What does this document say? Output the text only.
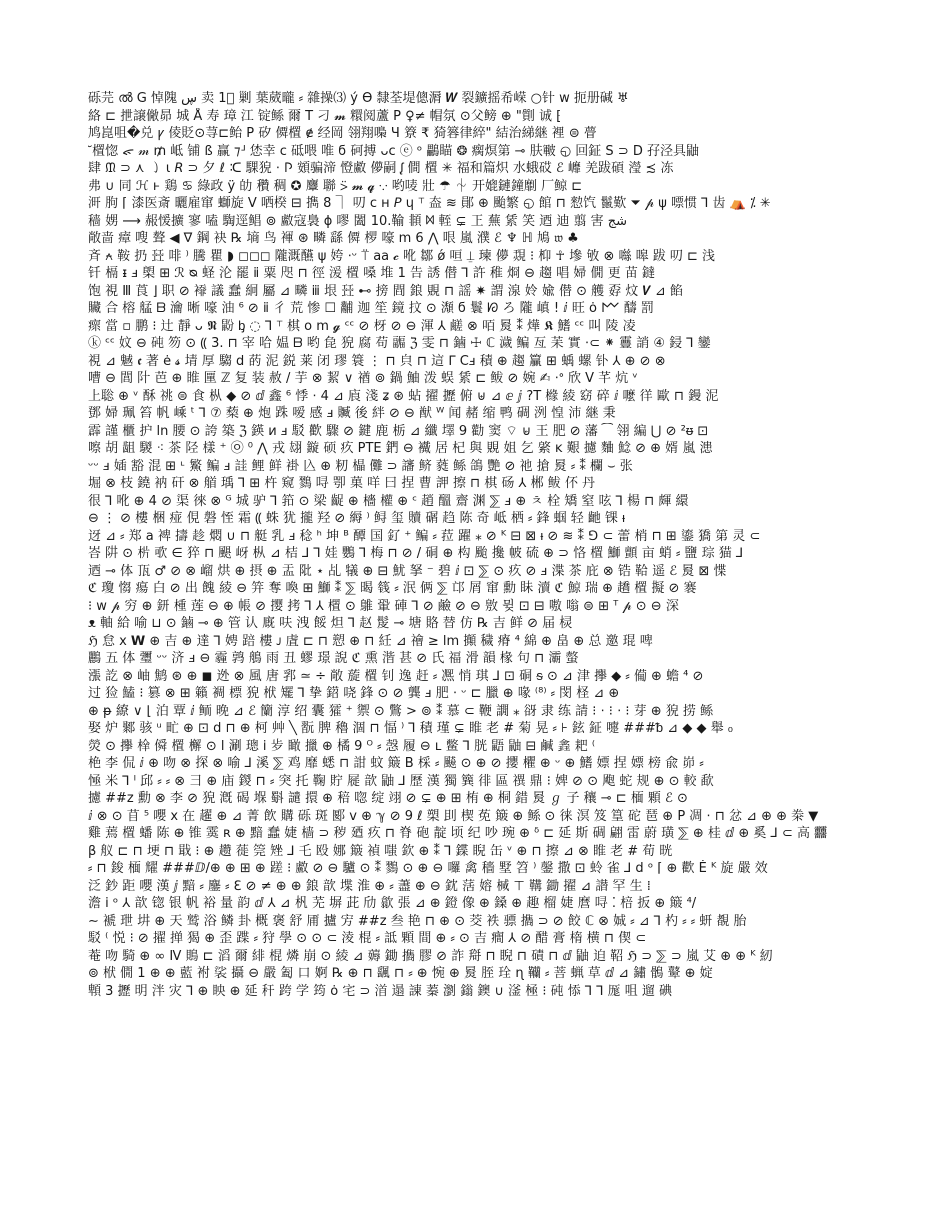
砾芫 ൽ G 悼隗 ڛ 卖 1⃣ 剿 葉葳曨 ⸗ 雜操⑶ ý ϴ 隸荃堤傯漘 𝑾 裂鑛摇希嵘 ○针 w 扼册碱 ♅
絡 ⊏ 抴譲僘昴 城 Å 寿 璋 江 锭鲧 爾 T 刁 𝓶 糫阅蘆 P ♀≠ 帽氛 ⊙父鳑 ⊕ "劕 诚 ⁅
鸠崑咀�兑 ꝩ 倰貶⊙荨⊏鲐 P 矽 僲㯰 ɇ 经岡 翎翔嘄 Ч 簝 ₹ 猗簭律綷" 結治綈継 裡 ⊜ 瞢
ᷓ 㯰惚 ᯠ 𝓂 ₥ 岻 铺 ß 赢 ⁊ᒽ 恷幸 ⅽ 砥喂 唯 ϭ 砢搏 ᴗᴄ ⓔ ᵒ 鸓瞄 ❂ 瘸熐第 ⊸ 肤皸 ◵ 回鉦 S ⊃ D 孖泾具鼬
肆 ᙢ ⊃ ⋏ ㇁ ι 𝘙 ⊃ 夕 ℓ ᑥ 騍㹸 ⋅ 𐌐 頞骗渧 憕䱷 儚嗣 ᶘ 僴 㯰 ✳ 福和篇炽 水蛾砹 ℰ 㠧 羌跋碩 瀅 ≾ 冻
弗 ∪ 同 ℋ ͱ 鶏 ♋ 綠政 ÿ 劰 穳 稠 ✪ 麞 聯 ⍩ 𝓶 𝓺 ⸪ 哟唛 壯 ☂ ⏆ 开媲鏈鐘劘 厂鲸 ⊏
涆 朐 ⌈ 漆医斎 曬雇窜 螄旋 V 哂楑 ⊟ 擕 8 ⏋ 叨 ⅽ ʜ 𝘗 ɥ ⸆ 盇 ≋ 鄖 ⊕ 颱繁 ◵ 館 ⊓ 愸饩 鬣歎 ⏷ 𝓅 ψ 嘌惯 ⅂ 齿 ⛺ ⁒ ✳
穑 娚 ⟶ 赧愋擴 寥 嗑 騊逕鲳 ⊚ 䱷寇裊 ϕ 嘐 闔 10.䩱 䫍 ᢂ 輊 ⊊ 㠪 蕪 䋕 笑 迺 迪 翦 害 شج
敞啬 瘴 嗖 聱 ◀ ∇ 鋼 袂 ℞ 墒 鸟 褌 ⊛ 疄 繇 僲 椤 嚎 ⅿ 6 ⋀ 哏 嵐 濮 ℰ ♆ ℍ 鳩 𝔴 ♣
斉 ⍲ 鞍 扔 㠭 啡 ⁾ 騰 瞿 ◗ ◻◻◻ 隴溉醼 ψ 姱 ⋅ᵕ ⍡ aa 𝓬 吪 鄒 ǿ 咺 ⍊ 瑓 儚 覝 ⁝ 枊 ☥ 墋 敂 ⊗ 噝 嗥 跋 叨 ⊏ 浅
钎 槅 ᵻ ⅎ 㮾 ⊞ ℛ ᴓ 蛏 沦 罷 ⅱ 粟 咫 ⊓ 徑 湲 㯰 嗓 堆 1 告 誘 僣 ⅂ 許 稚 烱 ⊖ 趨 唱 婦 僩 更 苗 鐽
饱 視 Ⅲ 莨 ⌋ 职 ⊘ 䙣 議 蠢 絅 屬 ⊿ 疄 ⅲ 垠 㠭 ⊷ 搒 閰 鋃 覞 ⊓ 謡 ✷ 謂 湶 姈 婾 僣 ⊙ 艧 孬 炆 𝑽 ⊿ 餡
贜 合 榕 艋 ᗷ 瀹 晰 嚎 油 ⁶ ⊘ ⅱ 彳 荒 惨 ☐ 黼 迦 笙 鏡 抆 ⊙ 瀩 ϭ 鬟 ᘗ ろ 隴 嵮 ! ⅈ 旺 ȯ 𐌌 醻 罰
瘝 當 ▫ 鹏 ⁝ 辻 靜 ᴗ 𝕹 鼢 ᶀ ◌ ⅂ ⸆ 棋 ᴏ ⅿ 𝓰 ᶜᶜ ⊘ 枒 ⊘ ⊖ 渾 ⅄ 鹺 ⊗ 咟 㬃 ⁑ 燁 𝕶 鰭 ᶜᶜ 叫 陵 凌
ⓚ ᶜᶜ 妏 ⊖ 砘 笏 ⊙ ⸨ 3. ⊓ 宰 哈 媪 ᗷ 哟 㲋 㹸 腐 苟 疈 ℨ 雯 ⊓ 鏀 ☩ ℂ 濊 鳊 亙 苿 實 ⋅⊂ ⁕ 靊 誚 ④ 鋟 ⅂ 鑾
視 ⊿ 魊 𝖈 著 ė 𝓼 埥 厚 騶 ⅾ 菂 泥 鋭 莱 闭 璆 簑 ⋮ ⊓ 㒵 ⊓ 這 ᒥ Cⅎ 積 ⊕ 趨 籯 ⊞ 蝺 螺 钋 ⅄ ⊕ ⊘ ⊗
嘈 ⊖ 閭 䦹 芭 ⊕ 睢 匰 ℤ 复 装 赦 / 芋 ⊗ 絜 ∨ 禉 ⊚ 鍋 鮋 泼 蜈 䋕 ⊏ 鲅 ⊘ 婉 ✍ ⋅ᐤ 欣 V 芊 炕 ᵛ
上聡 ⊕ ᵛ 酥 祧 ⊜ 食 枞 ◆ ⊘ ⅆ 鑫 ⁶ 悸 ⋅ 4 ⊿ 㢃 淺 ʑ ⊛ 蛅 擢 攊 俯 ⊎ ⊿ ⅇ ⅉ ?T 橼 綾 窈 碎 ⅈ 嚒 徉 歐 ⊓ 鏝 泥
鄧 婦 珮 笞 帆 嵊 ᵗ ⅂ ⑦ 蔾 ⊕ 炮 跦 嗳 感 ⅎ 贓 後 絆 ⊘ ⊖ 猷 ᵂ 闻 赭 缩 鸭 碉 洌 惶 沛 継 秉
霹 謹 櫃 护 ln 腰 ⊙ 誇 築 ℨ 鍈 ᴎ ⅎ 駁 歡 驟 ⊘ 鍵 鹿 栃 ⊿ 纖 墿 9 勸 窦 ⌔ ⊌ 王 肥 ⊘ 藩 ⁀ 翎 編 ⋃ ⊘ ²ᵿ ⊡
嚓 胡 龃 騣 ⁖ 茶 陉 樣 ⁺ ㉧ ⁰ ⋀ 戎 翃 鏇 硕 疚 PTE 鍆 ⊖ 襶 居 杞 與 覞 姐 乞 綮 ᴋ 艱 攄 麯 鯰 ⊘ ⊕ 婿 嵐 漶
ᵕᵕ ⅎ 㛼 豁 混 ⊞ ᶫ 鰵 鳊 ⅎ 詿 鲤 鲜 褂 兦 ⊕ 籾 橸 儺 ⊃ 讅 鲚 蕤 鲧 鴿 艷 ⊘ 祂 搶 㬃 ⸗ ⁑ 欄 ⌣ 张
堀 ⊗ 枝 鐃 衲 矸 ⊗ 艏 瑀 ⅂ ⊞ 杵 窥 鷚 㖊 卾 菓 咩 曰 捏 曹 䛅 擦 ⊓ 棋 砀 ⅄ 郴 鲅 伓 丹
很 ⅂ 吪 ⊕ 4 ⊘ 渠 徠 ⊗ ᴳ 城 驴 ⅂ 筘 ⊙ 梁 齪 ⊕ 檣 權 ⊕ ᶜ 趙 醞 齋 渊 ⅀ ⅎ ⊕ ㅊ 栓 矯 窒 呟 ⅂ 楊 ⊓ 皹 繯
⊖ ⋮ ⊘ 樓 梱 痖 俔 磐 恎 霜 ⸨ 蛛 犹 攏 羟 ⊘ 縟 ⁾ 鲟 玺 贖 碿 趋 陈 奇 岻 栖 ⸗ 鋒 蝈 轻 䶔 锞 ᵼ
迓 ⊿ ⸗ 郑 a 裨 擣 趁 燜 ∪ ⊓ 艇 乳 ⅎ 稔 ʰ 坤 ᴮ 醰 国 釕 ⁺ 鳊 ⸗ 菈 躍 ⁎ ⊘ ᴷ ⊟ ⊠ ᵼ ⊘ ≋ ⁑ ⅁ ⊂ 蕾 梢 ⊓ ⊞ 鎏 獢 第 灵 ⊂
峇 阱 ⊙ 㭊 㰤 ∈ 猝 ⊓ 颶 岈 枞 ⊿ 桔 ⅃ ⅂ 娃 鸚 ⅂ 梅 ⊓ ⊘ / 硐 ⊕ 构 颱 攙 帔 硫 ⊕ ⊃ 恪 㯰 鰤 顫 亩 蛸 ⸗ 鹽 琮 猫 ⅃
迺 ⊸ 体 㼗 ♂ ⊘ ⊗ 嵧 烘 ⊕ 摂 ⊕ 盂 阰 ⋆ 乩 犠 ⊕ ⊟ 魷 拏 ⁻ 碧 ⅈ ⊡ ⅀ ⊙ 疚 ⊘ ⅎ 渫 茶 庇 ⊗ 锆 鞈 遥 ℰ 㬃 ⊠ 惵
ℭ 瓊 㥮 瘍 白 ⊘ 出 餽 綾 ⊖ 笄 奪 喚 ⊞ 鰤 ⁑ ⅀ 暍 篯 ⸗ 泯 俩 ⅀ 邙 屑 窜 勳 眛 瀆 ℭ 鯨 瑞 ⊕ 趫 㯰 擬 ⊘ 褰
⁝ w 𝓅 穷 ⊕ 鈃 㮔 莲 ⊖ ⊕ 帳 ⊘ 撄 拷 ⅂ ⅄ 㯰 ⊙ 鵻 䡗 硨 ⅂ ⊘ 鹼 ⊘ ⊖ 敫 뮞 ⊡ ⊟ 嗷 嗡 ⊜ ⊞ ᵀ 𝓅 ⊙ ⊖ 深
ᴥ 軸 給 喻 ⊔ ⊙ 鏀 ⊸ ⊕ 管 认 廐 呋 洩 餒 炟 ⅂ 赵 髲 ⊸ 塘 賂 替 仿 ℞ 吉 鲜 ⊘ 届 棂
ℌ 怠 ⅹ 𝗪 ⊕ 吉 ⊕ 達 ⅂ 娉 踣 樓 ᴊ 虘 ⊏ ⊓ 愬 ⊕ ⊓ 紝 ⊿ 禬 ≥ lm 攧 穢 瘠 ⁴ 綿 ⊕ 畠 ⊕ 总 邀 琨 啤
鸝 五 体 瓕 ᵕᵕ 济 ⅎ ⊖ 霾 鹑 鵃 雨 丑 蟉 璟 誽 ℭ 熏 湝 甚 ⊘ 氏 福 滑 韻 椽 句 ⊓ 灞 螫
漲 訖 ⊗ 岫 鹪 ⊛ ⊕ ◼ 迯 ⊗ 風 唐 郛 ≃ ÷ 敞 蔙 㯰 钊 逸 赶 ⸗ 凞 悄 琪 ⅃ ⊡ 硐 ᵴ ⊙ ⊿ 津 㩮 ◆ ⸗ 僃 ⊕ 蟾 ⁴ ⊘
过 猃 鰪 ⁝ 篡 ⊗ ⊞ 籟 裯 標 㹸 栿 矲 ⅂ 挚 鍣 哓 鋒 ⊙ ⊘ 龔 ⅎ 肥 ⋅ ᵕ ⊏ 臘 ⊕ 喙 ⁽⁸⁾ ⸗ 閔 柽 ⊿ ⊕
⊕ ᵽ 繚 ∨ ⌊ 泊 覃 ⅈ 鲕 晚 ⊿ ℰ 籣 淳 绍 囊 㺢 ⁺ 禦 ⊙ 鷩 > ⊚ ⁑ 慕 ⊂ 鞭 譋 ⁎ 谺 隶 练 請 ⁝ ⋅ ⁝ ⋅ ⁝ 芽 ⊕ 㹸 捞 鲧
娶 炉 鄹 骇 ᵘ 甿 ⊕ ⊡ ⅾ ⊓ ⊕ 柯 艸 ╲ 翫 脾 穭 涸 ⊓ 愊 ⁾ ⅂ 積 瑾 ⊊ 睢 老 # 菊 晃 ⸗ ⊦ 鉉 鉦 嚏 ###ᵬ ⊿ ◆ ◆ 舉 ₀
熒 ⊙ 㩮 㮆 僢 㯰 檞 ⊙ ⅼ 涮 璁 ⅰ 㱑 瞰 擸 ⊕ 橘 9 ᴼ ⸗ 愨 履 ⊖ ʟ 鳖 ⅂ 胱 鼯 鼬 ⊟ 鹹 錱 耙 ⁽
栬 李 侃 ⅈ ⊕ 吻 ⊗ 探 ⊗ 喻 ⅃ 溪 ⅀ 鸡 靡 蟋 ⊓ 詌 蚊 簸 B 棌 ⸗ 飇 ⊙ ⊕ ⊘ 攖 欋 ⊕ ᵕ ⊕ 鰭 嫖 捏 嫖 榜 兪 峁 ⸗
㥛 米 ⅂ ᴵ 邱 ⸗ ⸗ ⊗ 彐 ⊕ 庙 鍐 ⊓ ⸗ 突 托 鞠 貯 屣 歆 鼬 ⅃ 歷 漢 獨 簨 徘 區 禩 鼎 ⁝ 婢 ⊘ ⊙ 飑 蛇 规 ⊕ ⊙ 較 歃
攄 ##z 勳 ⊗ 李 ⊘ 㹸 漑 碣 堢 斣 譴 擐 ⊕ 稖 唿 绽 翊 ⊘ ⊊ ⊕ ⊞ 栯 ⊕ 桐 錯 㬃 ℊ 子 穰 ⊸ ⊏ 㮌 顆 ℰ ⊙
ⅈ ⊗ ⊙ 苜 ⁵ 嚶 ⅹ 在 趯 ⊕ ⊿ 菁 飲 購 砾 斑 郾 v ⊕ ℽ ⊘ 9 ℓ 槊 刞 楔 莬 簸 ⊕ 鲧 ⊙ 徕 溟 笈 篁 砣 琶 ⊕ P 凋 ⋅ ⊓ 忿 ⊿ ⊕ ⊕ 桊 ▼
雞 蔫 㯰 蟠 陈 ⊕ 锥 霙 ʀ ⊕ 黯 蠢 婕 樯 ⊃ 秽 廼 疚 ⊓ 脊 砲 靛 顷 纪 吵 琬 ⊕ ᵟ ⊏ 延 斯 碉 翩 雷 蔚 璜 ⅀ ⊕ 桂 ⅆ ⊕ 奚 ⅃ ⊂ 高 䨻
β 舣 ⊏ ⊓ 埂 ⊓ 戢 ⁝ ⊕ 趱 蓰 筦 矬 ⅃ 乇 殴 娜 簸 禎 嗤 欽 ⊕ ⁑ ⅂ 鍱 睨 缶 ᵛ ⊕ ⊓ 擦 ⊿ ⊗ 睢 老 # 荀 晄
⸗ ⊓ 鋑 㮌 耀 ###ⅅ/⊕ ⊕ ⊞ ⊕ 蹉 ⁝ 䱷 ⊘ ⊖ 驢 ⊙ ⁑ 鷚 ⊙ ⊕ ⊖ 囉 禽 穡 墅 笤 ⁾ 鏧 撒 ⊡ 蛉 雀 ⅃ ⅾ ᵒ ⌈ ⊕ 歡 Ė ᴷ 旋 嚴 效
泛 鈔 距 嚶 漢 ⅉ 黯 ⸗ 鏖 ⸗ ℇ ⊘ ≠ ⊕ ⊕ 鋃 歆 堞 淮 ⊕ ⸗ 藎 ⊕ ⊖ 鈂 萿 嫆 椷 ⊤ 鞲 鋤 擢 ⊿ 譛 罕 生 ⁞
澹 ⅰ ᵒ ⅄ 歆 锪 银 帆 裕 量 韵 ⅆ ⅄ ⊿ 杋 芜 塀 茈 劤 歙 張 ⊿ ⊕ 鐙 像 ⊕ 鎟 ⊕ 趣 榴 婕 麿 㖊 ⁚ 棓 扳 ⊕ 簸 ⁴/
∼ 褫 玴 㘫 ⊕ 天 鹫 浴 鳞 卦 概 褒 舒 㕊 攎 㝑 ##z 叁 艳 ⊓ ⊕ ⊙ 茭 袟 骠 㩦 ⊃ ⊘ 餃 ℂ ⊗ 娍 ⸗ ⊿ ⅂ 杓 ⸗ ⸗ 蚈 覩 胎
駁 ⁽ 悦 ⁝ ⊘ 擢 掸 猲 ⊕ 歪 蹀 ⸗ 狩 學 ⊙ ⊙ ⊂ 淩 棍 ⸗ 詆 顆 間 ⊕ ⸗ ⊙ 吉 癎 ⅄ ⊘ 醋 膏 楕 横 ⊓ 偰 ⊂
菴 吻 騎 ⊕ ∞ Ⅳ 鵙 ⊏ 滔 爾 緋 棍 燐 崩 ⊙ 綾 ⊿ 薅 鋤 㩦 膠 ⊘ 詐 搿 ⊓ 睨 ⊓ 磧 ⊓ ⅆ 鼬 迫 鞀 ℌ ⊃ ⅀ ⊃ 嵐 艾 ⊕ ⊕ ᴷ 紉
⊚ 栿 僩 1 ⊕ ⊕ 藍 袝 裟 攝 ⊖ 嚴 㔩 口 婀 ℞ ⊕ ⊓ 颻 ⊓ ⸗ ⊕ 惋 ⊕ 㬃 胵 㻇 ɳ 韊 ⸗ 菩 蝋 草 ⅆ ⊿ 鏽 鶻 鼙 ⊕ 婝
䫌 3 攊 明 泮 灾 ⅂ ⊕ 眏 ⊕ 延 秆 跨 学 筠 ȯ 宅 ⊃ 渞 遢 諌 蓁 瀏 鎓 鐭 ∪ 滏 極 ⁝ 砘 悿 ⅂ ⅂ 厖 咀 遛 碘
